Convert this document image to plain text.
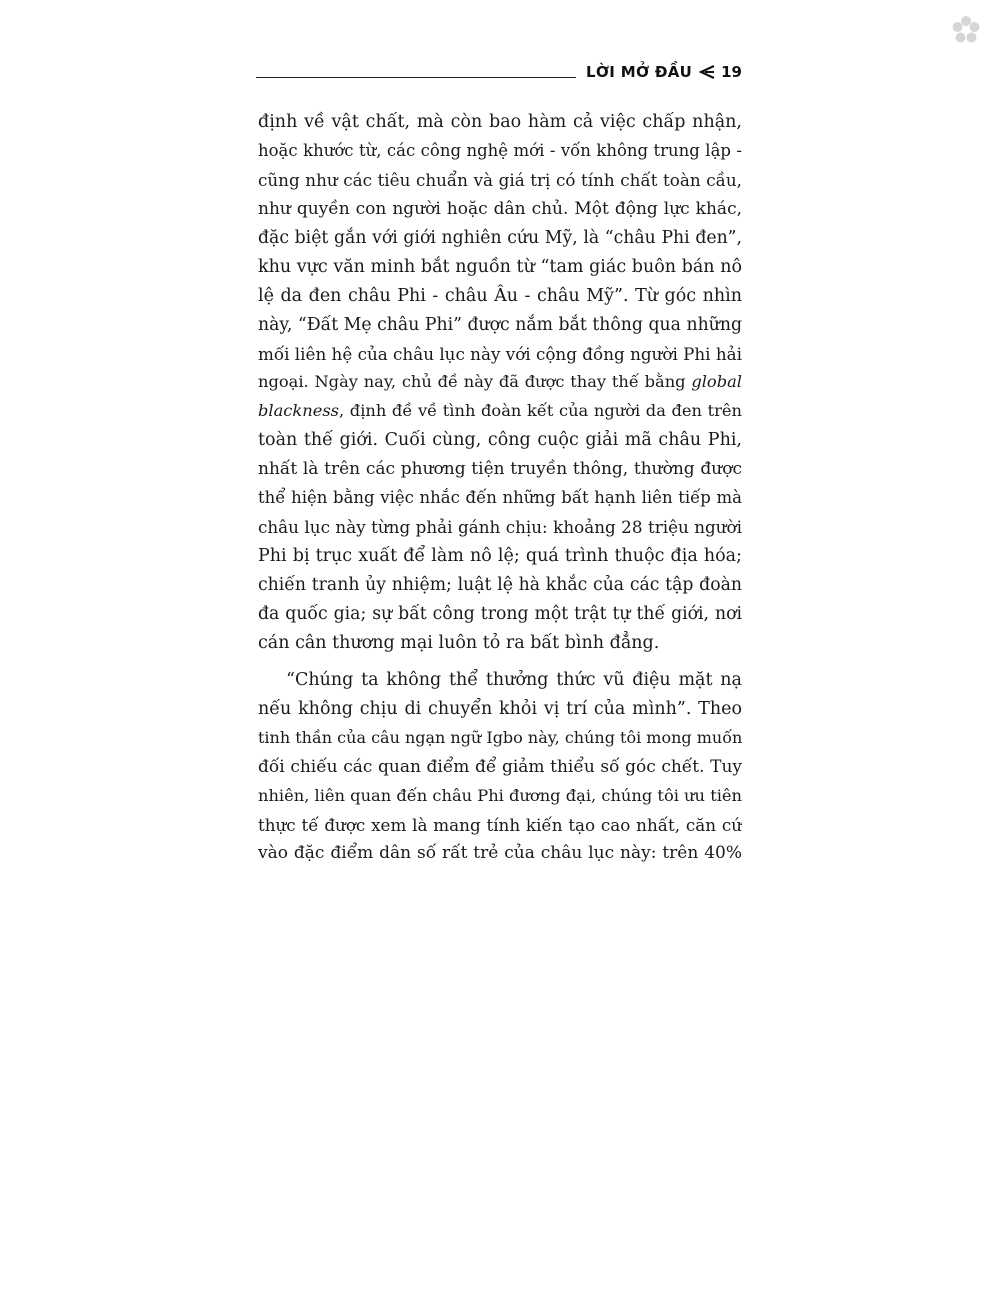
LỜI MỞ ĐẦU 19
định về vật chất, mà còn bao hàm cả việc chấp nhận,
hoặc khước từ, các công nghệ mới - vốn không trung lập -
cũng như các tiêu chuẩn và giá trị có tính chất toàn cầu,
như quyền con người hoặc dân chủ. Một động lực khác,
đặc biệt gắn với giới nghiên cứu Mỹ, là “châu Phi đen”,
khu vực văn minh bắt nguồn từ “tam giác buôn bán nô
lệ da đen châu Phi - châu Âu - châu Mỹ”. Từ góc nhìn
này, “Đất Mẹ châu Phi” được nắm bắt thông qua những
mối liên hệ của châu lục này với cộng đồng người Phi hải
ngoại. Ngày nay, chủ đề này đã được thay thế bằng global
blackness, định đề về tình đoàn kết của người da đen trên
toàn thế giới. Cuối cùng, công cuộc giải mã châu Phi,
nhất là trên các phương tiện truyền thông, thường được
thể hiện bằng việc nhắc đến những bất hạnh liên tiếp mà
châu lục này từng phải gánh chịu: khoảng 28 triệu người
Phi bị trục xuất để làm nô lệ; quá trình thuộc địa hóa;
chiến tranh ủy nhiệm; luật lệ hà khắc của các tập đoàn
đa quốc gia; sự bất công trong một trật tự thế giới, nơi
cán cân thương mại luôn tỏ ra bất bình đẳng.
“Chúng ta không thể thưởng thức vũ điệu mặt nạ
nếu không chịu di chuyển khỏi vị trí của mình”. Theo
tinh thần của câu ngạn ngữ Igbo này, chúng tôi mong muốn
đối chiếu các quan điểm để giảm thiểu số góc chết. Tuy
nhiên, liên quan đến châu Phi đương đại, chúng tôi ưu tiên
thực tế được xem là mang tính kiến tạo cao nhất, căn cứ
vào đặc điểm dân số rất trẻ của châu lục này: trên 40%
